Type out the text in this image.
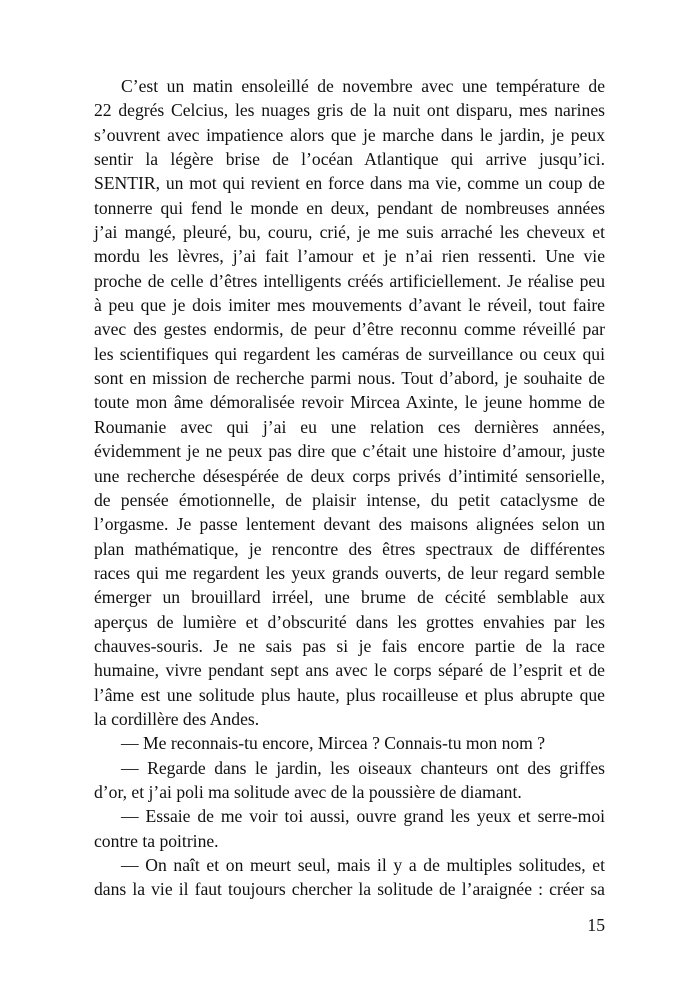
C’est un matin ensoleillé de novembre avec une température de
22 degrés Celcius, les nuages gris de la nuit ont disparu, mes narines
s’ouvrent avec impatience alors que je marche dans le jardin, je peux
sentir la légère brise de l’océan Atlantique qui arrive jusqu’ici.
SENTIR, un mot qui revient en force dans ma vie, comme un coup de
tonnerre qui fend le monde en deux, pendant de nombreuses années
j’ai mangé, pleuré, bu, couru, crié, je me suis arraché les cheveux et
mordu les lèvres, j’ai fait l’amour et je n’ai rien ressenti. Une vie
proche de celle d’êtres intelligents créés artificiellement. Je réalise peu
à peu que je dois imiter mes mouvements d’avant le réveil, tout faire
avec des gestes endormis, de peur d’être reconnu comme réveillé par
les scientifiques qui regardent les caméras de surveillance ou ceux qui
sont en mission de recherche parmi nous. Tout d’abord, je souhaite de
toute mon âme démoralisée revoir Mircea Axinte, le jeune homme de
Roumanie avec qui j’ai eu une relation ces dernières années,
évidemment je ne peux pas dire que c’était une histoire d’amour, juste
une recherche désespérée de deux corps privés d’intimité sensorielle,
de pensée émotionnelle, de plaisir intense, du petit cataclysme de
l’orgasme. Je passe lentement devant des maisons alignées selon un
plan mathématique, je rencontre des êtres spectraux de différentes
races qui me regardent les yeux grands ouverts, de leur regard semble
émerger un brouillard irréel, une brume de cécité semblable aux
aperçus de lumière et d’obscurité dans les grottes envahies par les
chauves-souris. Je ne sais pas si je fais encore partie de la race
humaine, vivre pendant sept ans avec le corps séparé de l’esprit et de
l’âme est une solitude plus haute, plus rocailleuse et plus abrupte que
la cordillère des Andes.
— Me reconnais-tu encore, Mircea ? Connais-tu mon nom ?
— Regarde dans le jardin, les oiseaux chanteurs ont des griffes
d’or, et j’ai poli ma solitude avec de la poussière de diamant.
— Essaie de me voir toi aussi, ouvre grand les yeux et serre-moi
contre ta poitrine.
— On naît et on meurt seul, mais il y a de multiples solitudes, et
dans la vie il faut toujours chercher la solitude de l’araignée : créer sa
15
